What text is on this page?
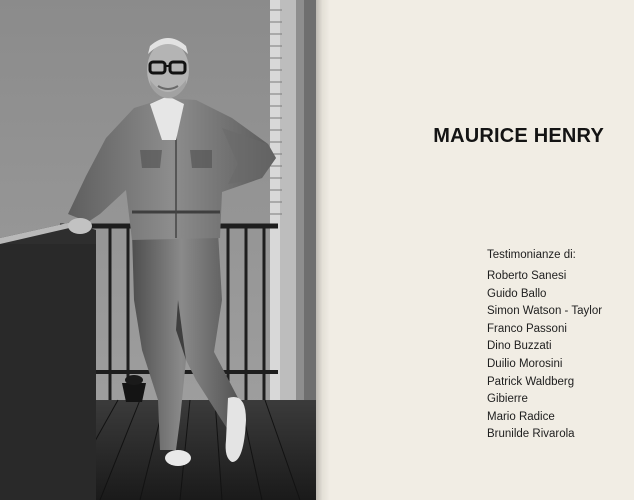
MAURICE HENRY

Testimonianze di:

Roberto Sanesi
Guido Ballo
Simon Watson - Taylor
Franco Passoni
Dino Buzzati
Duilio Morosini
Patrick Waldberg
Gibierre
Mario Radice
Brunilde Rivarola
